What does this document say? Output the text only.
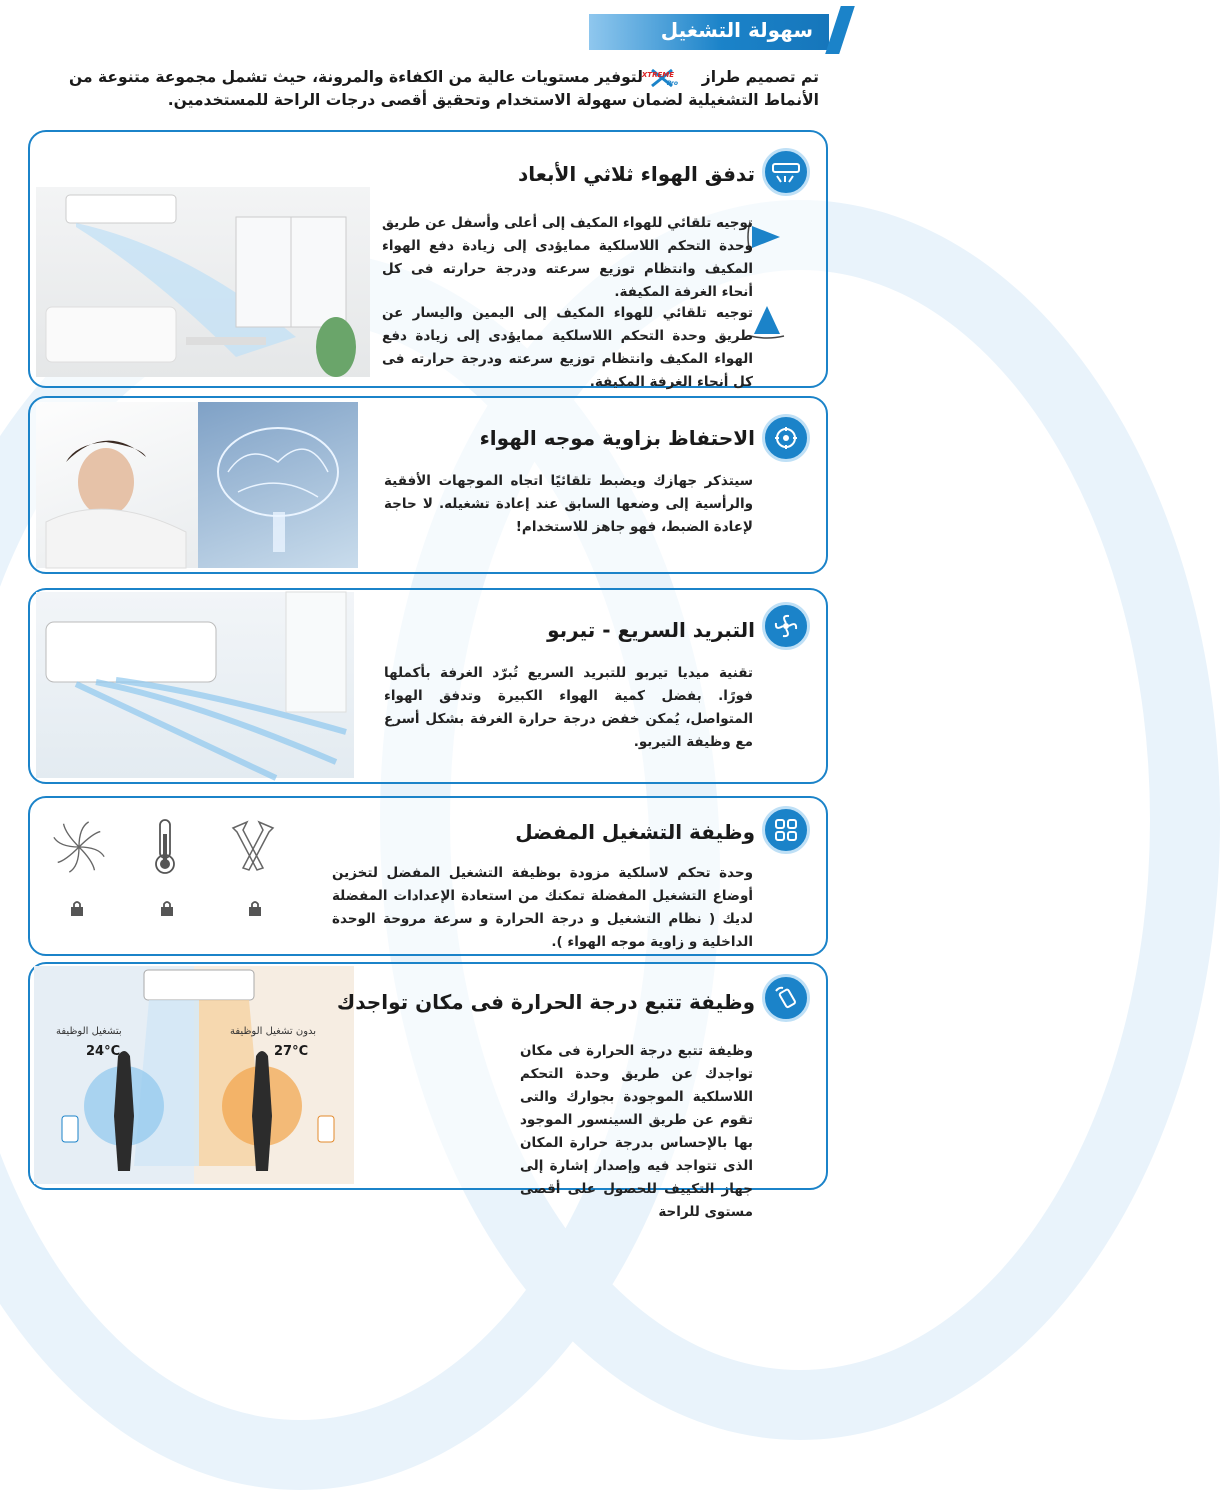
سهولة التشغيل
تم تصميم طراز
XTREME
Pro
لتوفير مستويات عالية من الكفاءة والمرونة، حيث تشمل مجموعة متنوعة من الأنماط التشغيلية لضمان سهولة الاستخدام وتحقيق أقصى درجات الراحة للمستخدمين.
تدفق الهواء ثلاثي الأبعاد
توجيه تلقائي للهواء المكيف إلى أعلى وأسفل عن طريق وحدة التحكم اللاسلكية ممايؤدى إلى زيادة دفع الهواء المكيف وانتظام توزيع سرعته ودرجة حرارته فى كل أنحاء الغرفة المكيفة.
توجيه تلقائي للهواء المكيف إلى اليمين واليسار عن طريق وحدة التحكم اللاسلكية ممايؤدى إلى زيادة دفع الهواء المكيف وانتظام توزيع سرعته ودرجة حرارته فى كل أنحاء الغرفة المكيفة.
الاحتفاظ بزاوية موجه الهواء
سيتذكر جهازك ويضبط تلقائيًا اتجاه الموجهات الأفقية والرأسية إلى وضعها السابق عند إعادة تشغيله. لا حاجة لإعادة الضبط، فهو جاهز للاستخدام!
التبريد السريع - تيربو
تقنية ميديا تيربو للتبريد السريع تُبرّد الغرفة بأكملها فورًا. بفضل كمية الهواء الكبيرة وتدفق الهواء المتواصل، يُمكن خفض درجة حرارة الغرفة بشكل أسرع مع وظيفة التيربو.
وظيفة التشغيل المفضل
وحدة تحكم لاسلكية مزودة بوظيفة التشغيل المفضل لتخزين أوضاع التشغيل المفضلة تمكنك من استعادة الإعدادات المفضلة لديك ( نظام التشغيل و درجة الحرارة و سرعة مروحة الوحدة الداخلية و زاوية موجه الهواء ).
بتشغيل الوظيفة
24°C
بدون تشغيل الوظيفة
27°C
وظيفة تتبع درجة الحرارة فى مكان تواجدك
وظيفة تتبع درجة الحرارة فى مكان تواجدك عن طريق وحدة التحكم اللاسلكية الموجودة بجوارك والتى تقوم عن طريق السينسور الموجود بها بالإحساس بدرجة حرارة المكان الذى تتواجد فيه وإصدار إشارة إلى جهاز التكييف للحصول على أقصى مستوى للراحة
